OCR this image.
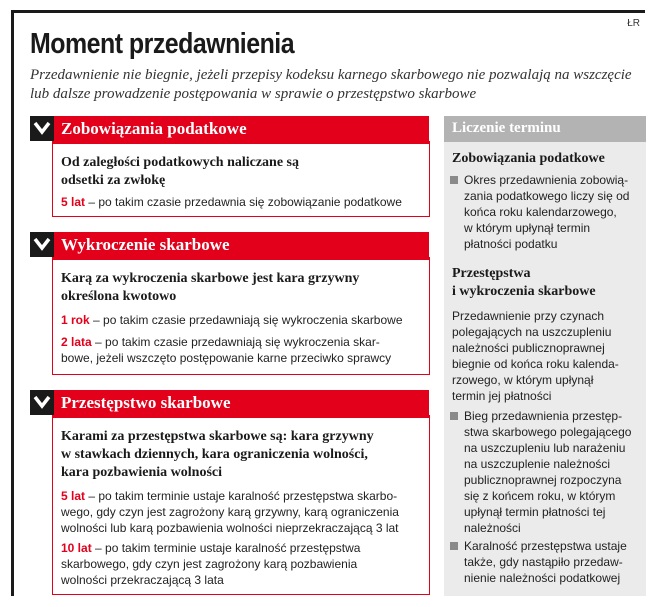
ŁR
Moment przedawnienia

Przedawnienie nie biegnie, jeżeli przepisy kodeksu karnego skarbowego nie pozwalają na wszczęcie lub dalsze prowadzenie postępowania w sprawie o przestępstwo skarbowe

Zobowiązania podatkowe
Od zaległości podatkowych naliczane są
odsetki za zwłokę
5 lat – po takim czasie przedawnia się zobowiązanie podatkowe
Wykroczenie skarbowe
Karą za wykroczenia skarbowe jest kara grzywny
określona kwotowo
1 rok – po takim czasie przedawniają się wykroczenia skarbowe
2 lata – po takim czasie przedawniają się wykroczenia skar-
bowe, jeżeli wszczęto postępowanie karne przeciwko sprawcy
Przestępstwo skarbowe
Karami za przestępstwa skarbowe są: kara grzywny
w stawkach dziennych, kara ograniczenia wolności,
kara pozbawienia wolności
5 lat – po takim terminie ustaje karalność przestępstwa skarbo-
wego, gdy czyn jest zagrożony karą grzywny, karą ograniczenia
wolności lub karą pozbawienia wolności nieprzekraczającą 3 lat
10 lat – po takim terminie ustaje karalność przestępstwa
skarbowego, gdy czyn jest zagrożony karą pozbawienia
wolności przekraczającą 3 lata
Liczenie terminu
Zobowiązania podatkowe
Okres przedawnienia zobowią-
zania podatkowego liczy się od
końca roku kalendarzowego,
w którym upłynął termin
płatności podatku
Przestępstwa
i wykroczenia skarbowe
Przedawnienie przy czynach
polegających na uszczupleniu
należności publicznoprawnej
biegnie od końca roku kalenda-
rzowego, w którym upłynął
termin jej płatności
Bieg przedawnienia przestęp-
stwa skarbowego polegającego
na uszczupleniu lub narażeniu
na uszczuplenie należności
publicznoprawnej rozpoczyna
się z końcem roku, w którym
upłynął termin płatności tej
należności
Karalność przestępstwa ustaje
także, gdy nastąpiło przedaw-
nienie należności podatkowej
